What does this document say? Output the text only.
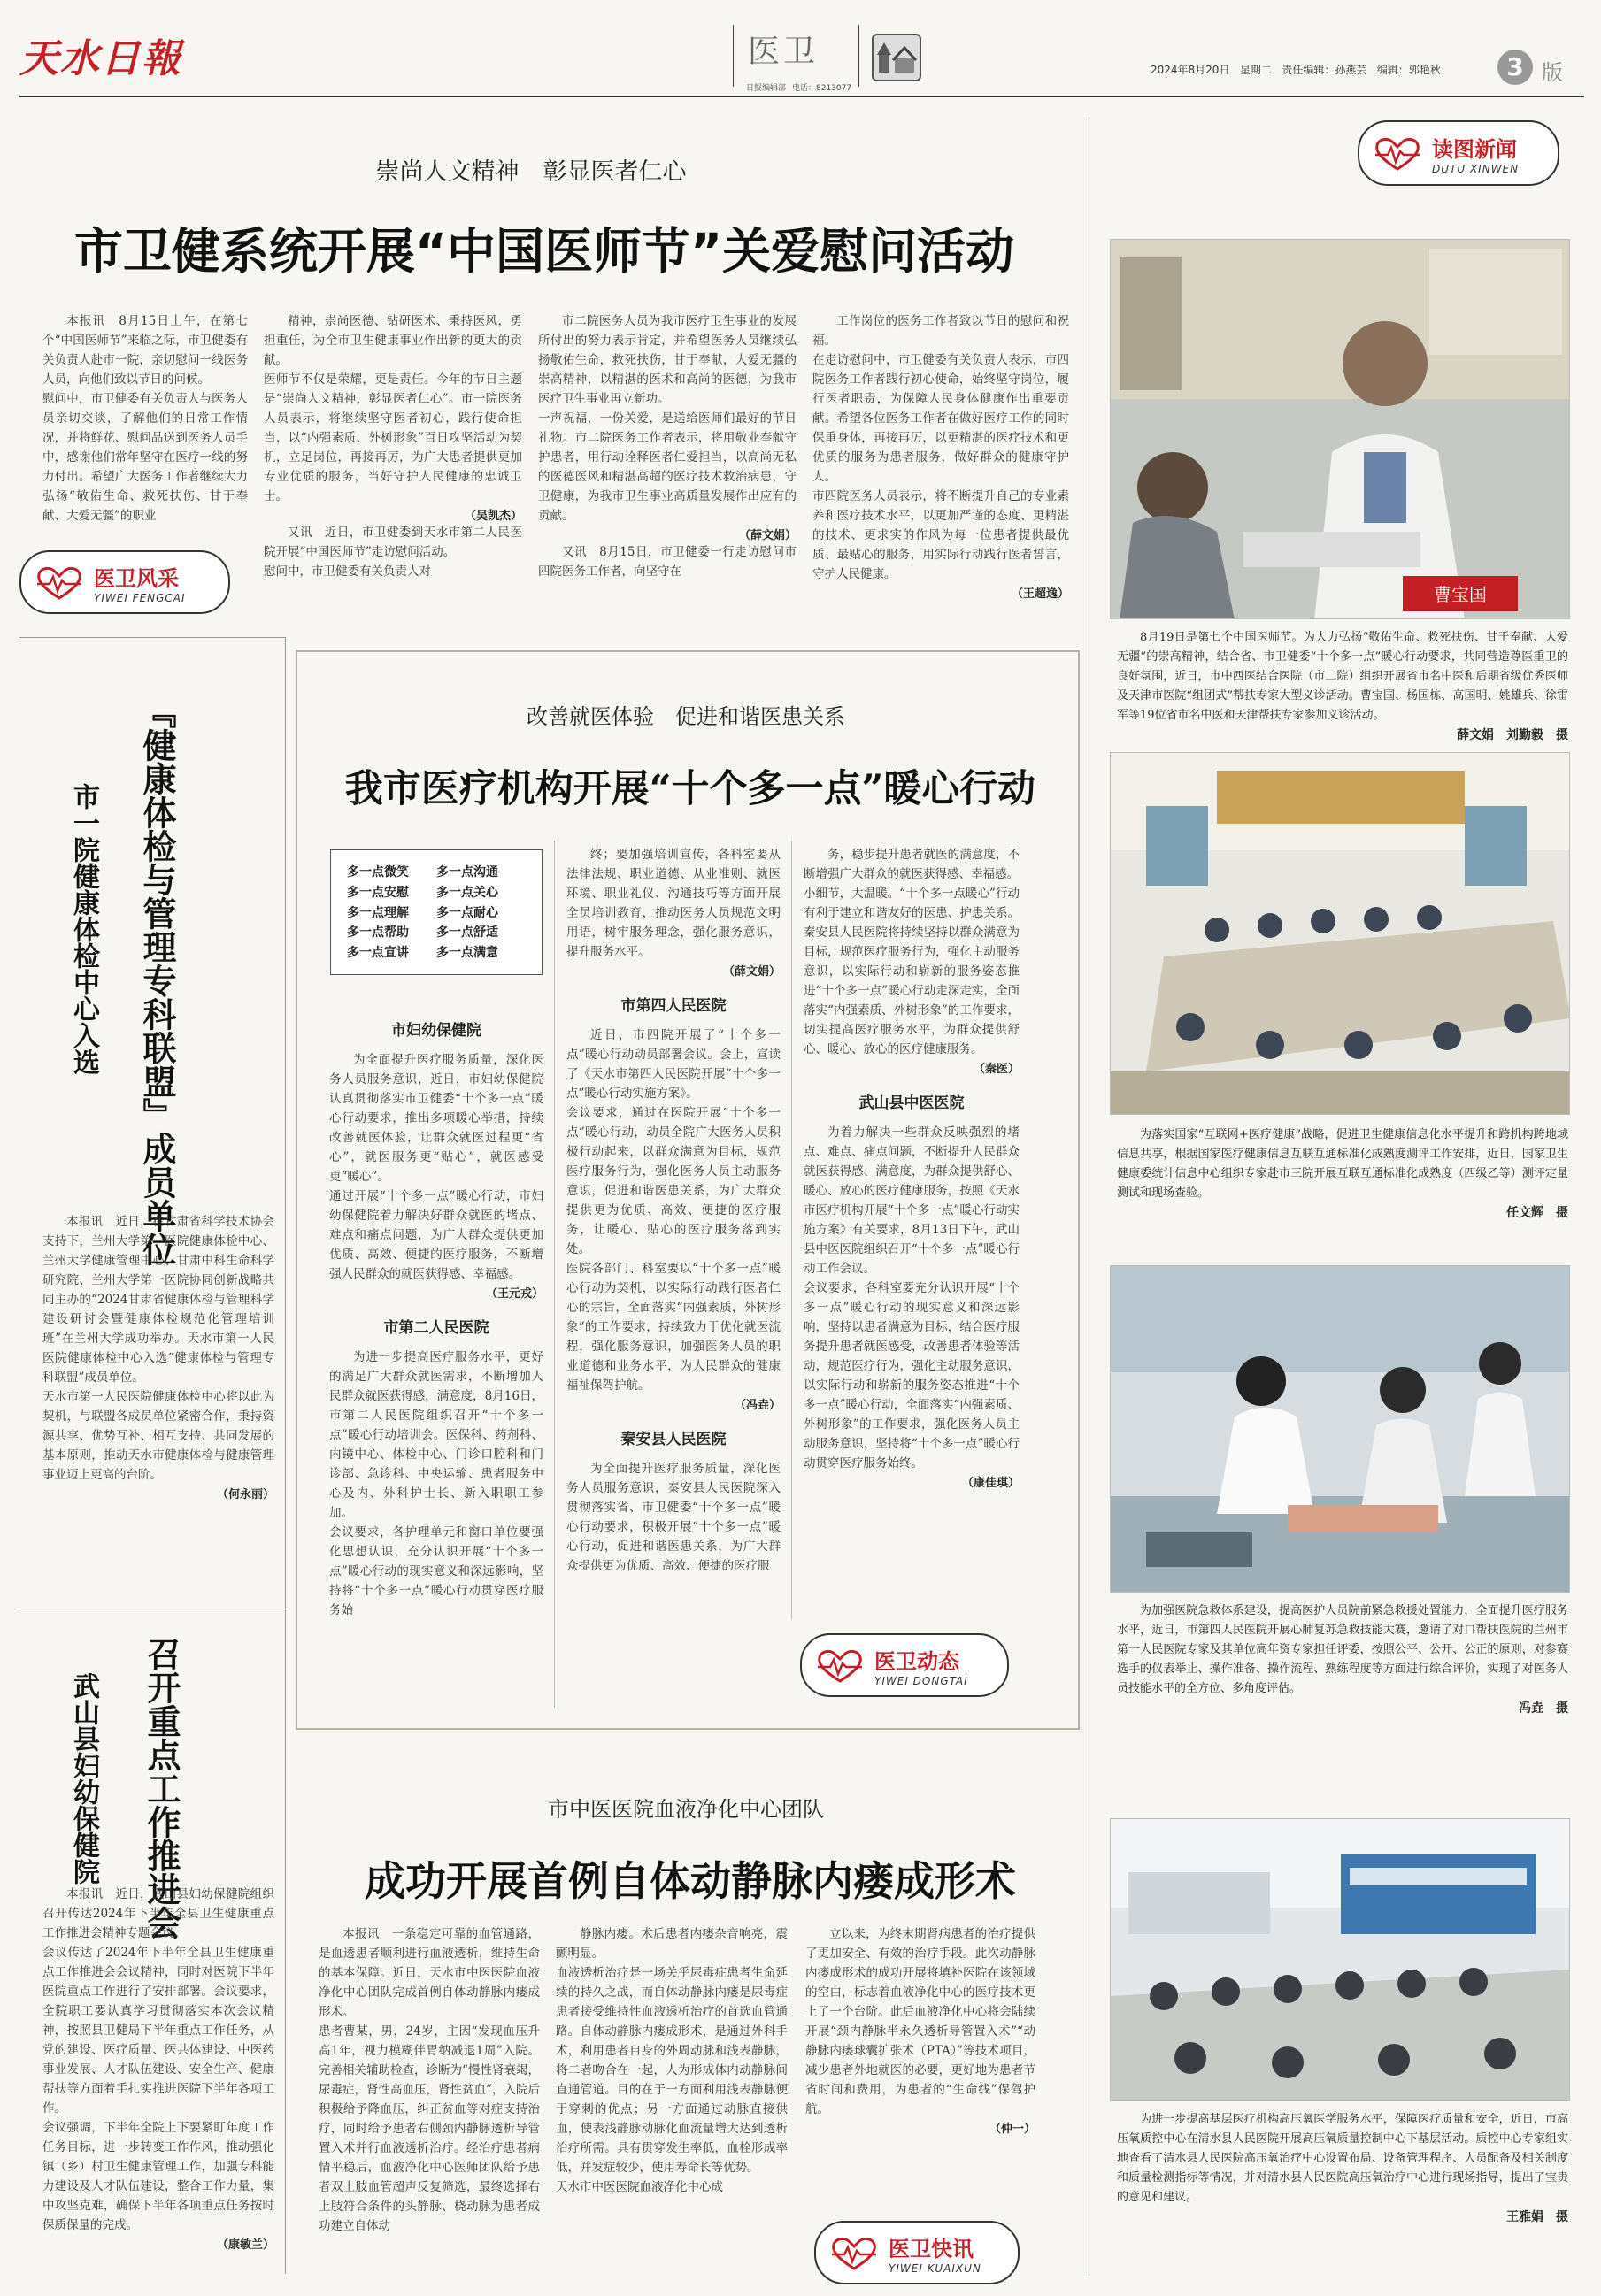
天水日報	医卫
日报编辑部 电话：8213077
2024年8月20日 星期二 责任编辑：孙燕芸 编辑：郭艳秋	3 版
读图新闻
DUTU XINWEN
医卫风采
YIWEI FENGCAI
医卫动态
YIWEI DONGTAI
医卫快讯
YIWEI KUAIXUN
崇尚人文精神　彰显医者仁心
市卫健系统开展“中国医师节”关爱慰问活动
本报讯　8月15日上午，在第七个“中国医师节”来临之际，市卫健委有关负责人赴市一院，亲切慰问一线医务人员，向他们致以节日的问候。
慰问中，市卫健委有关负责人与医务人员亲切交谈，了解他们的日常工作情况，并将鲜花、慰问品送到医务人员手中，感谢他们常年坚守在医疗一线的努力付出。希望广大医务工作者继续大力弘扬“敬佑生命、救死扶伤、甘于奉献、大爱无疆”的职业
精神，崇尚医德、钻研医术、秉持医风，勇担重任，为全市卫生健康事业作出新的更大的贡献。
医师节不仅是荣耀，更是责任。今年的节日主题是“崇尚人文精神，彰显医者仁心”。市一院医务人员表示，将继续坚守医者初心，践行使命担当，以“内强素质、外树形象”百日攻坚活动为契机，立足岗位，再接再厉，为广大患者提供更加专业优质的服务，当好守护人民健康的忠诚卫士。
（吴凯杰）
又讯　近日，市卫健委到天水市第二人民医院开展“中国医师节”走访慰问活动。
慰问中，市卫健委有关负责人对
市二院医务人员为我市医疗卫生事业的发展所付出的努力表示肯定，并希望医务人员继续弘扬敬佑生命，救死扶伤，甘于奉献，大爱无疆的崇高精神，以精湛的医术和高尚的医德，为我市医疗卫生事业再立新功。
一声祝福，一份关爱，是送给医师们最好的节日礼物。市二院医务工作者表示，将用敬业奉献守护患者，用行动诠释医者仁爱担当，以高尚无私的医德医风和精湛高超的医疗技术救治病患，守卫健康，为我市卫生事业高质量发展作出应有的贡献。
（薛文娟）
又讯　8月15日，市卫健委一行走访慰问市四院医务工作者，向坚守在
工作岗位的医务工作者致以节日的慰问和祝福。
在走访慰问中，市卫健委有关负责人表示，市四院医务工作者践行初心使命，始终坚守岗位，履行医者职责，为保障人民身体健康作出重要贡献。希望各位医务工作者在做好医疗工作的同时保重身体，再接再厉，以更精湛的医疗技术和更优质的服务为患者服务，做好群众的健康守护人。
市四院医务人员表示，将不断提升自己的专业素养和医疗技术水平，以更加严谨的态度、更精湛的技术、更求实的作风为每一位患者提供最优质、最贴心的服务，用实际行动践行医者誓言，守护人民健康。
（王超逸）
市一院健康体检中心入选 『健康体检与管理专科联盟』成员单位
本报讯　近日，在甘肃省科学技术协会支持下，兰州大学第一医院健康体检中心、兰州大学健康管理中心、甘肃中科生命科学研究院、兰州大学第一医院协同创新战略共同主办的“2024甘肃省健康体检与管理科学建设研讨会暨健康体检规范化管理培训班”在兰州大学成功举办。天水市第一人民医院健康体检中心入选“健康体检与管理专科联盟”成员单位。
天水市第一人民医院健康体检中心将以此为契机，与联盟各成员单位紧密合作，秉持资源共享、优势互补、相互支持、共同发展的基本原则，推动天水市健康体检与健康管理事业迈上更高的台阶。
（何永丽）
武山县妇幼保健院 召开重点工作推进会
本报讯　近日，武山县妇幼保健院组织召开传达2024年下半年全县卫生健康重点工作推进会精神专题会议。
会议传达了2024年下半年全县卫生健康重点工作推进会会议精神，同时对医院下半年医院重点工作进行了安排部署。会议要求，全院职工要认真学习贯彻落实本次会议精神，按照县卫健局下半年重点工作任务，从党的建设、医疗质量、医共体建设、中医药事业发展、人才队伍建设、安全生产、健康帮扶等方面着手扎实推进医院下半年各项工作。
会议强调，下半年全院上下要紧盯年度工作任务目标，进一步转变工作作风，推动强化镇（乡）村卫生健康管理工作，加强专科能力建设及人才队伍建设，整合工作力量，集中攻坚克难，确保下半年各项重点任务按时保质保量的完成。
（康敏兰）
改善就医体验　促进和谐医患关系
我市医疗机构开展“十个多一点”暖心行动
多一点微笑	多一点沟通
多一点安慰	多一点关心
多一点理解	多一点耐心
多一点帮助	多一点舒适
多一点宣讲	多一点满意
市妇幼保健院
为全面提升医疗服务质量，深化医务人员服务意识，近日，市妇幼保健院认真贯彻落实市卫健委“十个多一点”暖心行动要求，推出多项暖心举措，持续改善就医体验，让群众就医过程更“省心”，就医服务更“贴心”，就医感受更“暖心”。
通过开展“十个多一点”暖心行动，市妇幼保健院着力解决好群众就医的堵点、难点和痛点问题，为广大群众提供更加优质、高效、便捷的医疗服务，不断增强人民群众的就医获得感、幸福感。
（王元戎）
市第二人民医院
为进一步提高医疗服务水平，更好的满足广大群众就医需求，不断增加人民群众就医获得感，满意度，8月16日，市第二人民医院组织召开“十个多一点”暖心行动培训会。医保科、药剂科、内镜中心、体检中心、门诊口腔科和门诊部、急诊科、中央运输、患者服务中心及内、外科护士长、新入职职工参加。
会议要求，各护理单元和窗口单位要强化思想认识，充分认识开展“十个多一点”暖心行动的现实意义和深远影响，坚持将“十个多一点”暖心行动贯穿医疗服务始
终；要加强培训宣传，各科室要从法律法规、职业道德、从业准则、就医环境、职业礼仪、沟通技巧等方面开展全员培训教育，推动医务人员规范文明用语，树牢服务理念，强化服务意识，提升服务水平。
（薛文娟）
市第四人民医院
近日，市四院开展了“十个多一点”暖心行动动员部署会议。会上，宣读了《天水市第四人民医院开展“十个多一点”暖心行动实施方案》。
会议要求，通过在医院开展“十个多一点”暖心行动，动员全院广大医务人员积极行动起来，以群众满意为目标，规范医疗服务行为，强化医务人员主动服务意识，促进和谐医患关系，为广大群众提供更为优质、高效、便捷的医疗服务，让暖心、贴心的医疗服务落到实处。
医院各部门、科室要以“十个多一点”暖心行动为契机，以实际行动践行医者仁心的宗旨，全面落实“内强素质，外树形象”的工作要求，持续致力于优化就医流程，强化服务意识，加强医务人员的职业道德和业务水平，为人民群众的健康福祉保驾护航。
（冯垚）
秦安县人民医院
为全面提升医疗服务质量，深化医务人员服务意识，秦安县人民医院深入贯彻落实省、市卫健委“十个多一点”暖心行动要求，积极开展“十个多一点”暖心行动，促进和谐医患关系，为广大群众提供更为优质、高效、便捷的医疗服
务，稳步提升患者就医的满意度，不断增强广大群众的就医获得感、幸福感。
小细节，大温暖。“十个多一点暖心”行动有利于建立和谐友好的医患、护患关系。秦安县人民医院将持续坚持以群众满意为目标，规范医疗服务行为，强化主动服务意识，以实际行动和崭新的服务姿态推进“十个多一点”暖心行动走深走实，全面落实“内强素质、外树形象”的工作要求，切实提高医疗服务水平，为群众提供舒心、暖心、放心的医疗健康服务。
（秦医）
武山县中医医院
为着力解决一些群众反映强烈的堵点、难点、痛点问题，不断提升人民群众就医获得感、满意度，为群众提供舒心、暖心、放心的医疗健康服务，按照《天水市医疗机构开展“十个多一点”暖心行动实施方案》有关要求，8月13日下午，武山县中医医院组织召开“十个多一点”暖心行动工作会议。
会议要求，各科室要充分认识开展“十个多一点”暖心行动的现实意义和深远影响，坚持以患者满意为目标，结合医疗服务提升患者就医感受，改善患者体验等活动，规范医疗行为，强化主动服务意识，以实际行动和崭新的服务姿态推进“十个多一点”暖心行动，全面落实“内强素质、外树形象”的工作要求，强化医务人员主动服务意识，坚持将“十个多一点”暖心行动贯穿医疗服务始终。
（康佳琪）
市中医医院血液净化中心团队
成功开展首例自体动静脉内瘘成形术
本报讯　一条稳定可靠的血管通路，是血透患者顺利进行血液透析，维持生命的基本保障。近日，天水市中医医院血液净化中心团队完成首例自体动静脉内瘘成形术。
患者曹某，男，24岁，主因“发现血压升高1年，视力模糊伴胃纳减退1周”入院。完善相关辅助检查，诊断为“慢性肾衰竭，尿毒症，肾性高血压，肾性贫血”，入院后积极给予降血压，纠正贫血等对症支持治疗，同时给予患者右侧颈内静脉透析导管置入术并行血液透析治疗。经治疗患者病情平稳后，血液净化中心医师团队给予患者双上肢血管超声反复筛选，最终选择右上肢符合条件的头静脉、桡动脉为患者成功建立自体动
静脉内瘘。术后患者内瘘杂音响亮，震颤明显。
血液透析治疗是一场关乎尿毒症患者生命延续的持久之战，而自体动静脉内瘘是尿毒症患者接受维持性血液透析治疗的首选血管通路。自体动静脉内瘘成形术，是通过外科手术，利用患者自身的外周动脉和浅表静脉，将二者吻合在一起，人为形成体内动静脉间直通管道。目的在于一方面利用浅表静脉便于穿刺的优点；另一方面通过动脉直接供血，使表浅静脉动脉化血流量增大达到透析治疗所需。具有贯穿发生率低，血栓形成率低，并发症较少，使用寿命长等优势。
天水市中医医院血液净化中心成
立以来，为终末期肾病患者的治疗提供了更加安全、有效的治疗手段。此次动静脉内瘘成形术的成功开展将填补医院在该领域的空白，标志着血液净化中心的医疗技术更上了一个台阶。此后血液净化中心将会陆续开展“颈内静脉半永久透析导管置入术”“动静脉内瘘球囊扩张术（PTA）”等技术项目，减少患者外地就医的必要，更好地为患者节省时间和费用，为患者的“生命线”保驾护航。
（仲一）
曹宝国
8月19日是第七个中国医师节。为大力弘扬“敬佑生命、救死扶伤、甘于奉献、大爱无疆”的崇高精神，结合省、市卫健委“十个多一点”暖心行动要求，共同营造尊医重卫的良好氛围，近日，市中西医结合医院（市二院）组织开展省市名中医和后期省级优秀医师及天津市医院“组团式”帮扶专家大型义诊活动。曹宝国、杨国栋、高国明、姚雄兵、徐雷军等19位省市名中医和天津帮扶专家参加义诊活动。
薛文娟　刘勤毅　摄
为落实国家“互联网+医疗健康”战略，促进卫生健康信息化水平提升和跨机构跨地域信息共享，根据国家医疗健康信息互联互通标准化成熟度测评工作安排，近日，国家卫生健康委统计信息中心组织专家赴市三院开展互联互通标准化成熟度（四级乙等）测评定量测试和现场查验。
任文辉　摄
为加强医院急救体系建设，提高医护人员院前紧急救援处置能力，全面提升医疗服务水平，近日，市第四人民医院开展心肺复苏急救技能大赛，邀请了对口帮扶医院的兰州市第一人民医院专家及其单位高年资专家担任评委，按照公平、公开、公正的原则，对参赛选手的仪表举止、操作准备、操作流程、熟练程度等方面进行综合评价，实现了对医务人员技能水平的全方位、多角度评估。
冯垚　摄
为进一步提高基层医疗机构高压氧医学服务水平，保障医疗质量和安全，近日，市高压氧质控中心在清水县人民医院开展高压氧质量控制中心下基层活动。质控中心专家组实地查看了清水县人民医院高压氧治疗中心设置布局、设备管理程序、人员配备及相关制度和质量检测指标等情况，并对清水县人民医院高压氧治疗中心进行现场指导，提出了宝贵的意见和建议。
王雅娟　摄
